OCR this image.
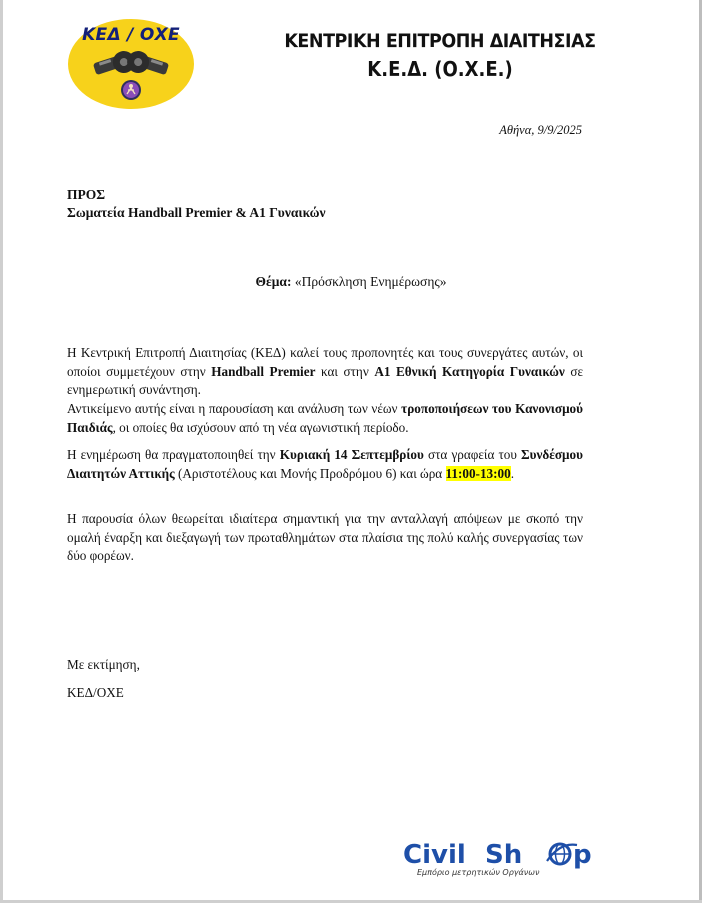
ΚΕΔ / ΟΧΕ	ΚΕΝΤΡΙΚΗ ΕΠΙΤΡΟΠΗ ΔΙΑΙΤΗΣΙΑΣ
Κ.Ε.Δ. (Ο.Χ.Ε.)
Αθήνα, 9/9/2025
ΠΡΟΣ
Σωματεία Handball Premier & A1 Γυναικών
Θέμα: «Πρόσκληση Ενημέρωσης»
Η Κεντρική Επιτροπή Διαιτησίας (ΚΕΔ) καλεί τους προπονητές και τους συνεργάτες αυτών, οι οποίοι συμμετέχουν στην Handball Premier και στην Α1 Εθνική Κατηγορία Γυναικών σε ενημερωτική συνάντηση.
Αντικείμενο αυτής είναι η παρουσίαση και ανάλυση των νέων τροποποιήσεων του Κανονισμού Παιδιάς, οι οποίες θα ισχύσουν από τη νέα αγωνιστική περίοδο.
Η ενημέρωση θα πραγματοποιηθεί την Κυριακή 14 Σεπτεμβρίου στα γραφεία του Συνδέσμου Διαιτητών Αττικής (Αριστοτέλους και Μονής Προδρόμου 6) και ώρα 11:00-13:00.
Η παρουσία όλων θεωρείται ιδιαίτερα σημαντική για την ανταλλαγή απόψεων με σκοπό την ομαλή έναρξη και διεξαγωγή των πρωταθλημάτων στα πλαίσια της πολύ καλής συνεργασίας των δύο φορέων.
Με εκτίμηση,
ΚΕΔ/ΟΧΕ
Civil Sh p
Εμπόριο μετρητικών Οργάνων
